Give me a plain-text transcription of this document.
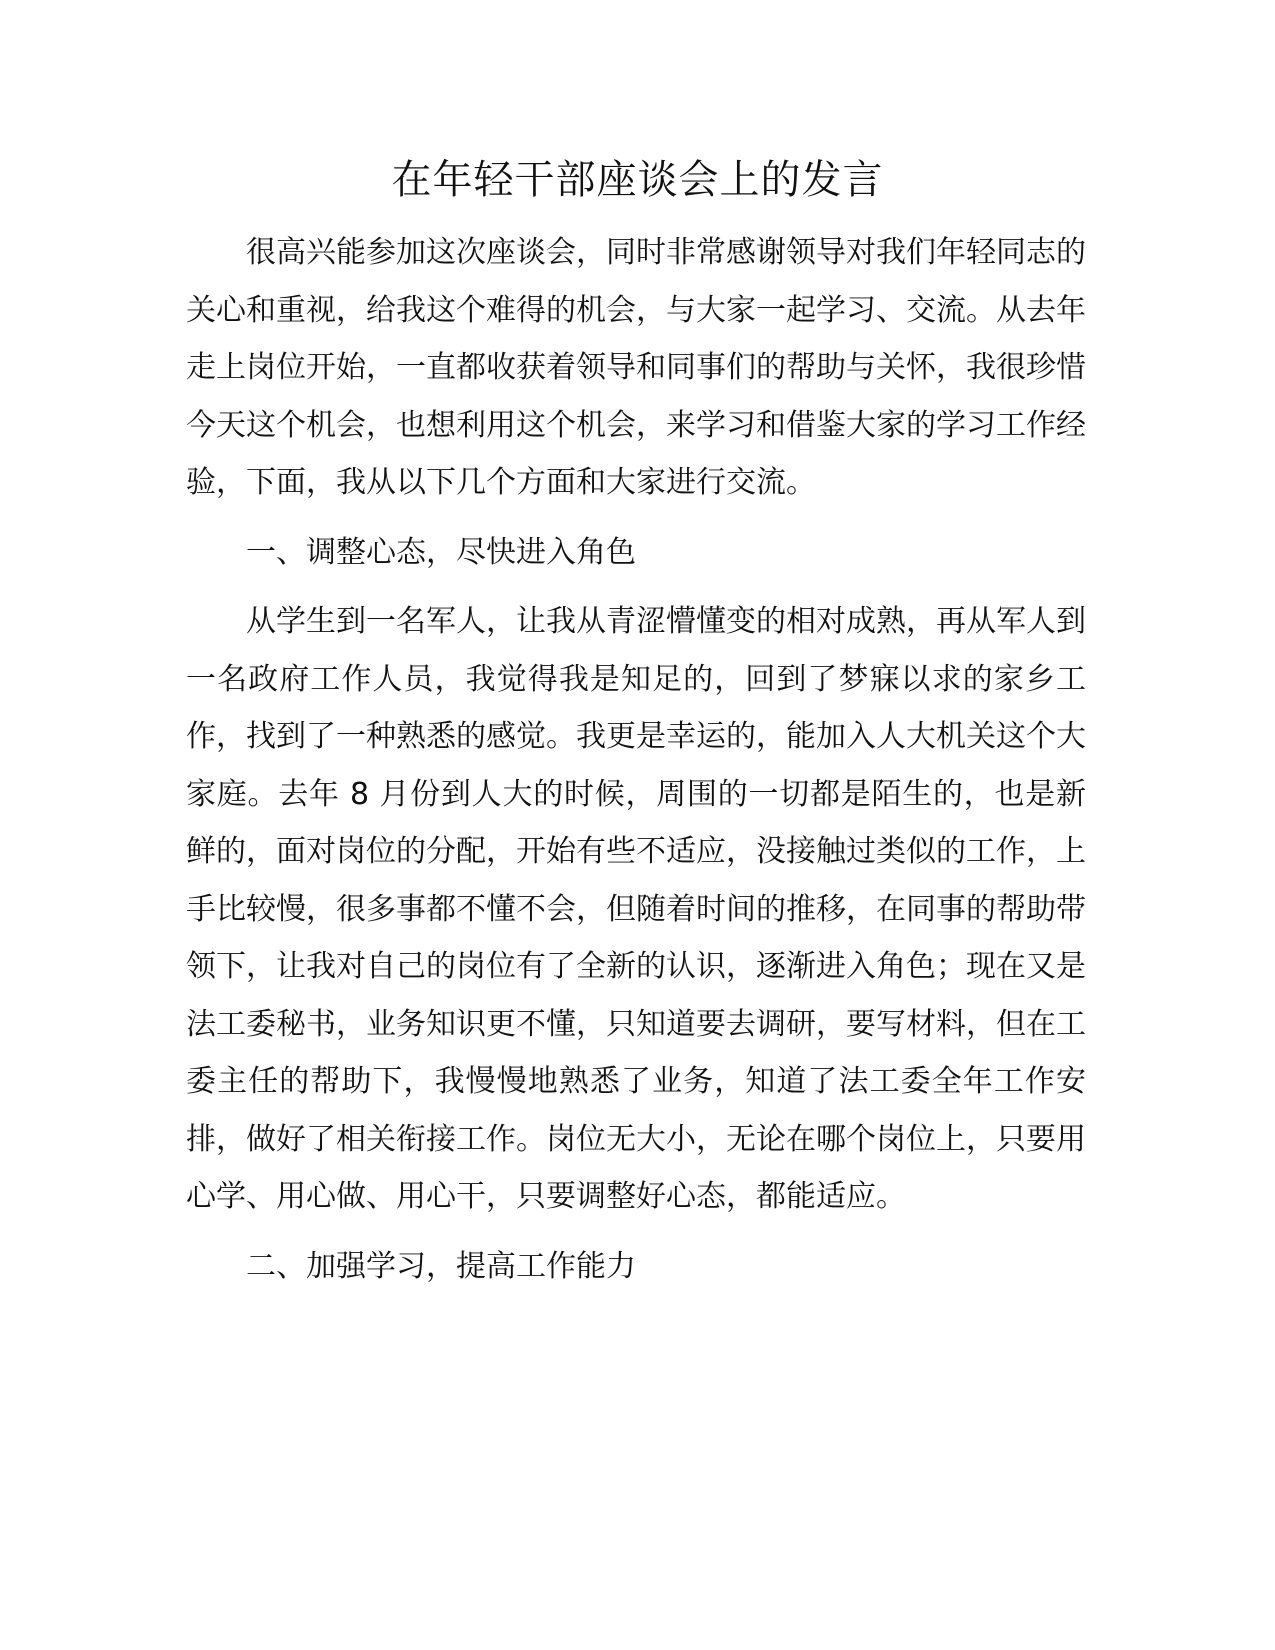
在年轻干部座谈会上的发言

很高兴能参加这次座谈会，同时非常感谢领导对我们年轻同志的关心和重视，给我这个难得的机会，与大家一起学习、交流。从去年走上岗位开始，一直都收获着领导和同事们的帮助与关怀，我很珍惜今天这个机会，也想利用这个机会，来学习和借鉴大家的学习工作经验，下面，我从以下几个方面和大家进行交流。

一、调整心态，尽快进入角色

从学生到一名军人，让我从青涩懵懂变的相对成熟，再从军人到一名政府工作人员，我觉得我是知足的，回到了梦寐以求的家乡工作，找到了一种熟悉的感觉。我更是幸运的，能加入人大机关这个大家庭。去年 8 月份到人大的时候，周围的一切都是陌生的，也是新鲜的，面对岗位的分配，开始有些不适应，没接触过类似的工作，上手比较慢，很多事都不懂不会，但随着时间的推移，在同事的帮助带领下，让我对自己的岗位有了全新的认识，逐渐进入角色；现在又是法工委秘书，业务知识更不懂，只知道要去调研，要写材料，但在工委主任的帮助下，我慢慢地熟悉了业务，知道了法工委全年工作安排，做好了相关衔接工作。岗位无大小，无论在哪个岗位上，只要用心学、用心做、用心干，只要调整好心态，都能适应。

二、加强学习，提高工作能力
